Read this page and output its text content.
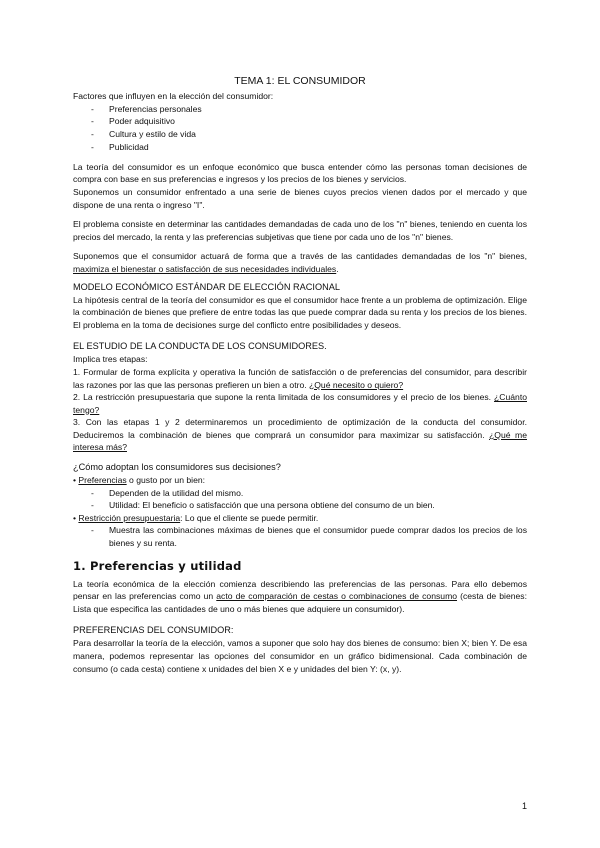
TEMA 1: EL CONSUMIDOR

Factores que influyen en la elección del consumidor:

- Preferencias personales
- Poder adquisitivo
- Cultura y estilo de vida
- Publicidad

La teoría del consumidor es un enfoque económico que busca entender cómo las personas toman decisiones de compra con base en sus preferencias e ingresos y los precios de los bienes y servicios.

Suponemos un consumidor enfrentado a una serie de bienes cuyos precios vienen dados por el mercado y que dispone de una renta o ingreso "I".

El problema consiste en determinar las cantidades demandadas de cada uno de los "n" bienes, teniendo en cuenta los precios del mercado, la renta y las preferencias subjetivas que tiene por cada uno de los "n" bienes.

Suponemos que el consumidor actuará de forma que a través de las cantidades demandadas de los "n" bienes, maximiza el bienestar o satisfacción de sus necesidades individuales.

MODELO ECONÓMICO ESTÁNDAR DE ELECCIÓN RACIONAL

La hipótesis central de la teoría del consumidor es que el consumidor hace frente a un problema de optimización. Elige la combinación de bienes que prefiere de entre todas las que puede comprar dada su renta y los precios de los bienes. El problema en la toma de decisiones surge del conflicto entre posibilidades y deseos.

EL ESTUDIO DE LA CONDUCTA DE LOS CONSUMIDORES.

Implica tres etapas:

1. Formular de forma explícita y operativa la función de satisfacción o de preferencias del consumidor, para describir las razones por las que las personas prefieren un bien a otro. ¿Qué necesito o quiero?

2. La restricción presupuestaria que supone la renta limitada de los consumidores y el precio de los bienes. ¿Cuánto tengo?

3. Con las etapas 1 y 2 determinaremos un procedimiento de optimización de la conducta del consumidor. Deduciremos la combinación de bienes que comprará un consumidor para maximizar su satisfacción. ¿Qué me interesa más?

¿Cómo adoptan los consumidores sus decisiones?

• Preferencias o gusto por un bien:

- Dependen de la utilidad del mismo.
- Utilidad: El beneficio o satisfacción que una persona obtiene del consumo de un bien.

• Restricción presupuestaria: Lo que el cliente se puede permitir.

- Muestra las combinaciones máximas de bienes que el consumidor puede comprar dados los precios de los bienes y su renta.
1. Preferencias y utilidad

La teoría económica de la elección comienza describiendo las preferencias de las personas. Para ello debemos pensar en las preferencias como un acto de comparación de cestas o combinaciones de consumo (cesta de bienes: Lista que especifica las cantidades de uno o más bienes que adquiere un consumidor).

PREFERENCIAS DEL CONSUMIDOR:

Para desarrollar la teoría de la elección, vamos a suponer que solo hay dos bienes de consumo: bien X; bien Y. De esa manera, podemos representar las opciones del consumidor en un gráfico bidimensional. Cada combinación de consumo (o cada cesta) contiene x unidades del bien X e y unidades del bien Y: (x, y).

1
